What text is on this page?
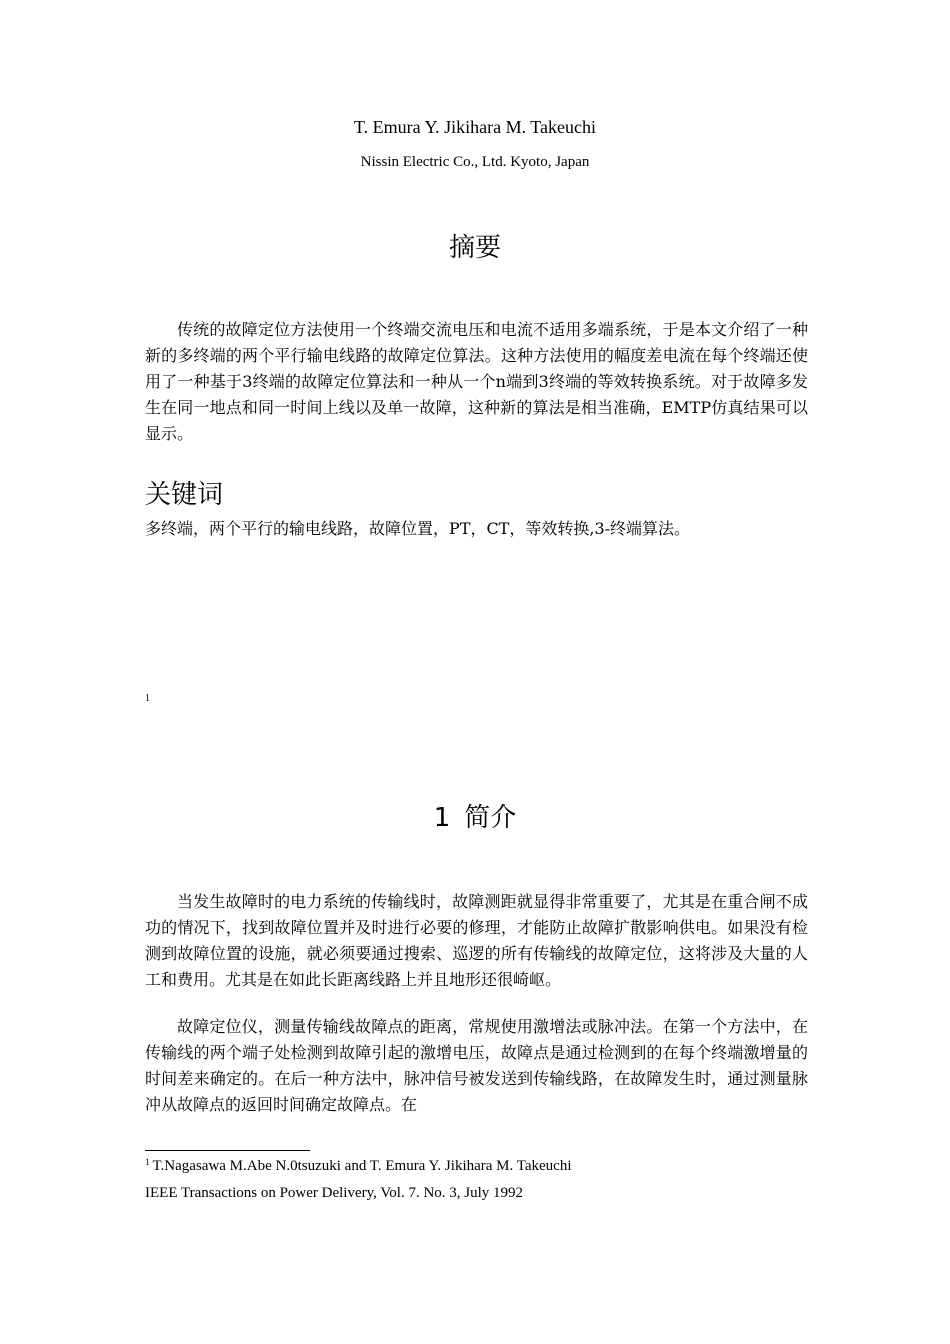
T. Emura Y. Jikihara M. Takeuchi
Nissin Electric Co., Ltd. Kyoto, Japan
摘要

传统的故障定位方法使用一个终端交流电压和电流不适用多端系统，于是本文介绍了一种新的多终端的两个平行输电线路的故障定位算法。这种方法使用的幅度差电流在每个终端还使用了一种基于3终端的故障定位算法和一种从一个n端到3终端的等效转换系统。对于故障多发生在同一地点和同一时间上线以及单一故障，这种新的算法是相当准确，EMTP仿真结果可以显示。

关键词
多终端，两个平行的输电线路，故障位置，PT，CT，等效转换,3-终端算法。
1
1 简介

当发生故障时的电力系统的传输线时，故障测距就显得非常重要了，尤其是在重合闸不成功的情况下，找到故障位置并及时进行必要的修理，才能防止故障扩散影响供电。如果没有检测到故障位置的设施，就必须要通过搜索、巡逻的所有传输线的故障定位，这将涉及大量的人工和费用。尤其是在如此长距离线路上并且地形还很崎岖。

故障定位仪，测量传输线故障点的距离，常规使用激增法或脉冲法。在第一个方法中，在传输线的两个端子处检测到故障引起的激增电压，故障点是通过检测到的在每个终端激增量的时间差来确定的。在后一种方法中，脉冲信号被发送到传输线路，在故障发生时，通过测量脉冲从故障点的返回时间确定故障点。在

$^1$ T.Nagasawa M.Abe N.0tsuzuki and T. Emura Y. Jikihara M. Takeuchi
IEEE Transactions on Power Delivery, Vol. 7. No. 3, July 1992
